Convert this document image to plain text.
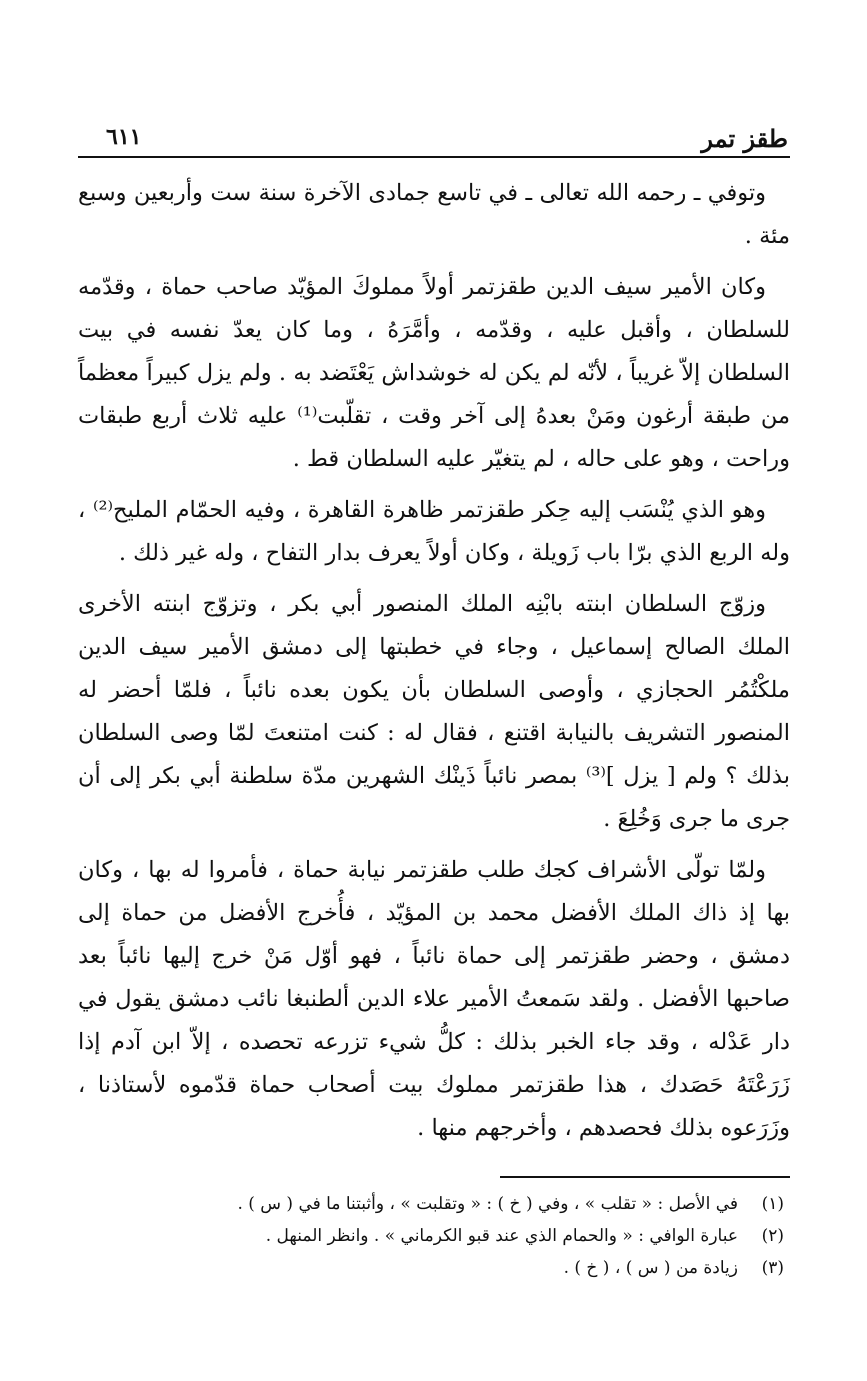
طقز تمر
٦١١

وتوفي ـ رحمه الله تعالى ـ في تاسع جمادى الآخرة سنة ست وأربعين وسبع مئة .

وكان الأمير سيف الدين طقزتمر أولاً مملوكَ المؤيّد صاحب حماة ، وقدّمه للسلطان ، وأقبل عليه ، وقدّمه ، وأمَّرَهُ ، وما كان يعدّ نفسه في بيت السلطان إلاّ غريباً ، لأنّه لم يكن له خوشداش يَعْتَضد به . ولم يزل كبيراً معظماً من طبقة أرغون ومَنْ بعدهُ إلى آخر وقت ، تقلّبت⁽¹⁾ عليه ثلاث أربع طبقات وراحت ، وهو على حاله ، لم يتغيّر عليه السلطان قط .

وهو الذي يُنْسَب إليه حِكر طقزتمر ظاهرة القاهرة ، وفيه الحمّام المليح⁽²⁾ ، وله الربع الذي برّا باب زَويلة ، وكان أولاً يعرف بدار التفاح ، وله غير ذلك .

وزوّج السلطان ابنته بابْنِه الملك المنصور أبي بكر ، وتزوّج ابنته الأخرى الملك الصالح إسماعيل ، وجاء في خطبتها إلى دمشق الأمير سيف الدين ملكْتُمُر الحجازي ، وأوصى السلطان بأن يكون بعده نائباً ، فلمّا أحضر له المنصور التشريف بالنيابة اقتنع ، فقال له : كنت امتنعتَ لمّا وصى السلطان بذلك ؟ ولم [ يزل ]⁽³⁾ بمصر نائباً ذَينْك الشهرين مدّة سلطنة أبي بكر إلى أن جرى ما جرى وَخُلِعَ .

ولمّا تولّى الأشراف كجك طلب طقزتمر نيابة حماة ، فأمروا له بها ، وكان بها إذ ذاك الملك الأفضل محمد بن المؤيّد ، فأُخرج الأفضل من حماة إلى دمشق ، وحضر طقزتمر إلى حماة نائباً ، فهو أوّل مَنْ خرج إليها نائباً بعد صاحبها الأفضل . ولقد سَمعتُ الأمير علاء الدين ألطنبغا نائب دمشق يقول في دار عَدْله ، وقد جاء الخبر بذلك : كلُّ شيء تزرعه تحصده ، إلاّ ابن آدم إذا زَرَعْتَهُ حَصَدك ، هذا طقزتمر مملوك بيت أصحاب حماة قدّموه لأستاذنا ، وزَرَعوه بذلك فحصدهم ، وأخرجهم منها .

(١)
في الأصل : « تقلب » ، وفي ( خ ) : « وتقلبت » ، وأثبتنا ما في ( س ) .
(٢)
عبارة الوافي : « والحمام الذي عند قبو الكرماني » . وانظر المنهل .
(٣)
زيادة من ( س ) ، ( خ ) .
